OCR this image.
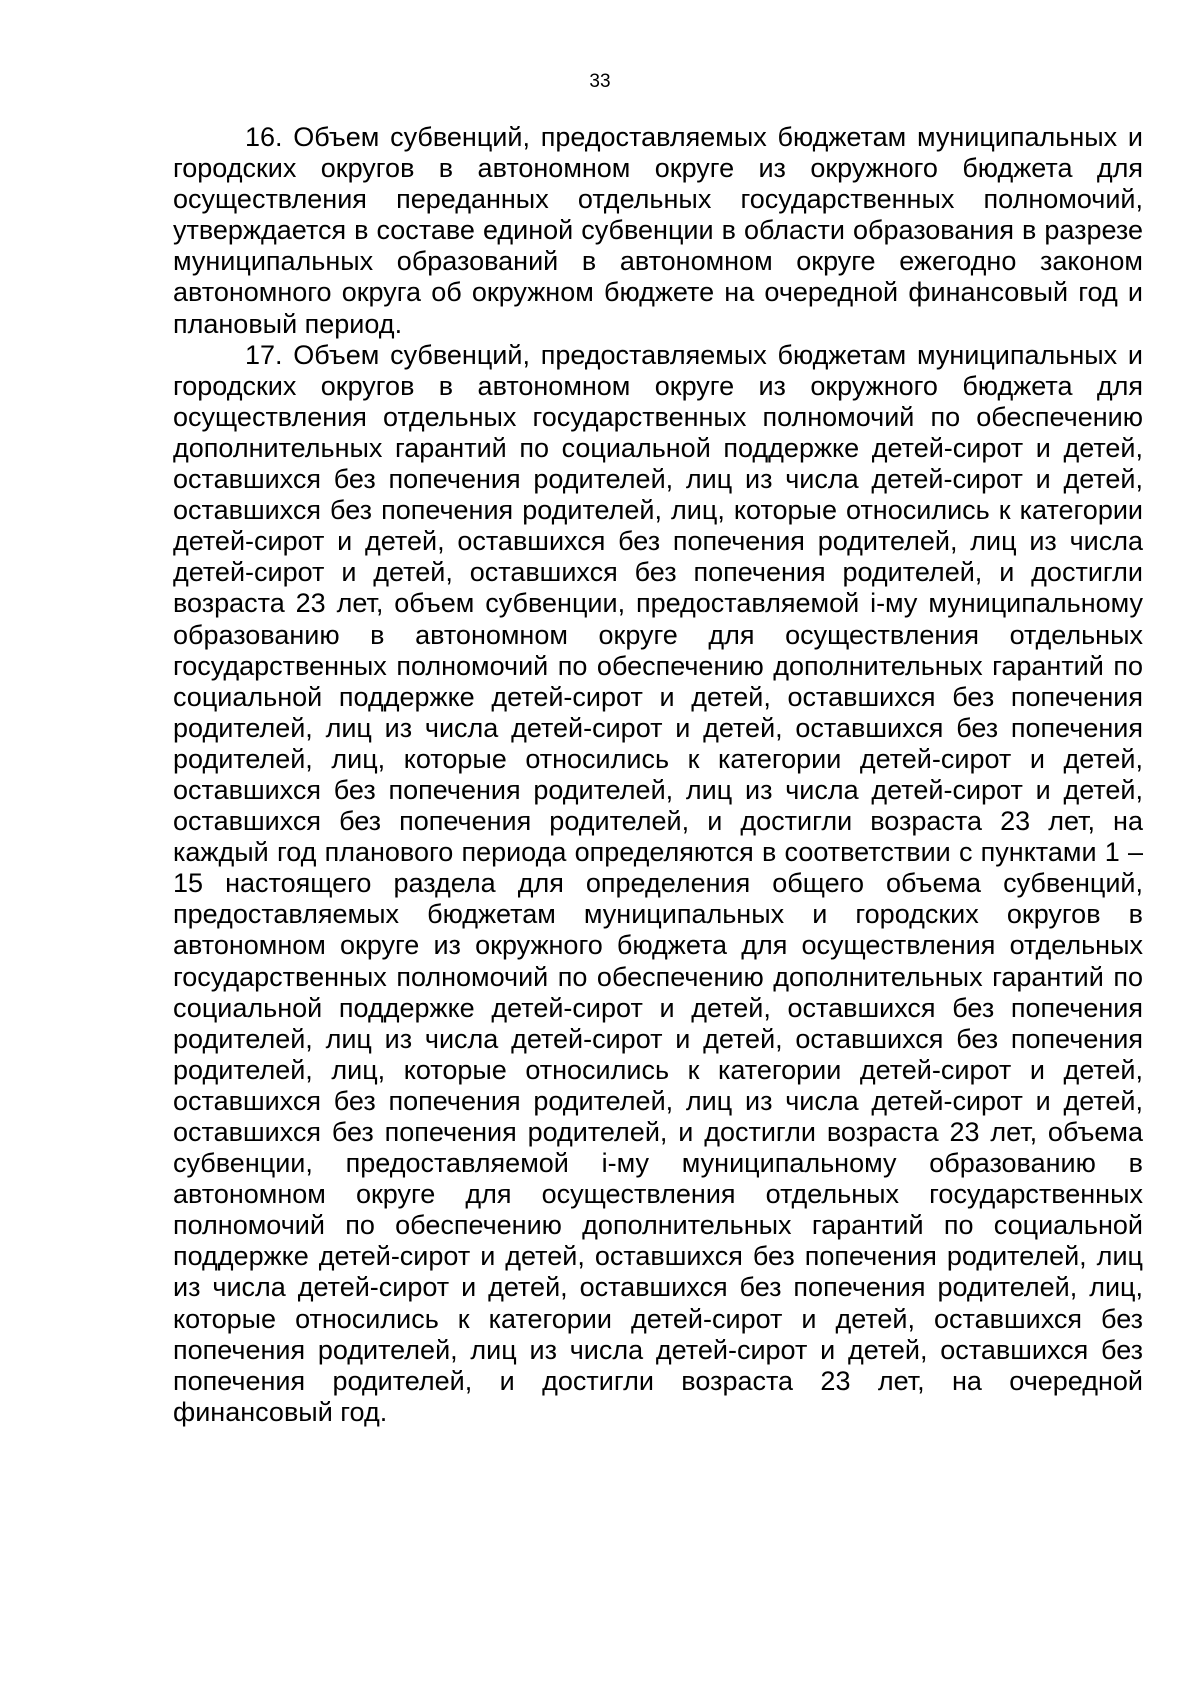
33

16. Объем субвенций, предоставляемых бюджетам муниципальных и городских округов в автономном округе из окружного бюджета для осуществления переданных отдельных государственных полномочий, утверждается в составе единой субвенции в области образования в разрезе муниципальных образований в автономном округе ежегодно законом автономного округа об окружном бюджете на очередной финансовый год и плановый период.

17. Объем субвенций, предоставляемых бюджетам муниципальных и городских округов в автономном округе из окружного бюджета для осуществления отдельных государственных полномочий по обеспечению дополнительных гарантий по социальной поддержке детей-сирот и детей, оставшихся без попечения родителей, лиц из числа детей-сирот и детей, оставшихся без попечения родителей, лиц, которые относились к категории детей-сирот и детей, оставшихся без попечения родителей, лиц из числа детей-сирот и детей, оставшихся без попечения родителей, и достигли возраста 23 лет, объем субвенции, предоставляемой i-му муниципальному образованию в автономном округе для осуществления отдельных государственных полномочий по обеспечению дополнительных гарантий по социальной поддержке детей-сирот и детей, оставшихся без попечения родителей, лиц из числа детей-сирот и детей, оставшихся без попечения родителей, лиц, которые относились к категории детей-сирот и детей, оставшихся без попечения родителей, лиц из числа детей-сирот и детей, оставшихся без попечения родителей, и достигли возраста 23 лет, на каждый год планового периода определяются в соответствии с пунктами 1 – 15 настоящего раздела для определения общего объема субвенций, предоставляемых бюджетам муниципальных и городских округов в автономном округе из окружного бюджета для осуществления отдельных государственных полномочий по обеспечению дополнительных гарантий по социальной поддержке детей-сирот и детей, оставшихся без попечения родителей, лиц из числа детей-сирот и детей, оставшихся без попечения родителей, лиц, которые относились к категории детей-сирот и детей, оставшихся без попечения родителей, лиц из числа детей-сирот и детей, оставшихся без попечения родителей, и достигли возраста 23 лет, объема субвенции, предоставляемой i-му муниципальному образованию в автономном округе для осуществления отдельных государственных полномочий по обеспечению дополнительных гарантий по социальной поддержке детей-сирот и детей, оставшихся без попечения родителей, лиц из числа детей-сирот и детей, оставшихся без попечения родителей, лиц, которые относились к категории детей-сирот и детей, оставшихся без попечения родителей, лиц из числа детей-сирот и детей, оставшихся без попечения родителей, и достигли возраста 23 лет, на очередной финансовый год.
